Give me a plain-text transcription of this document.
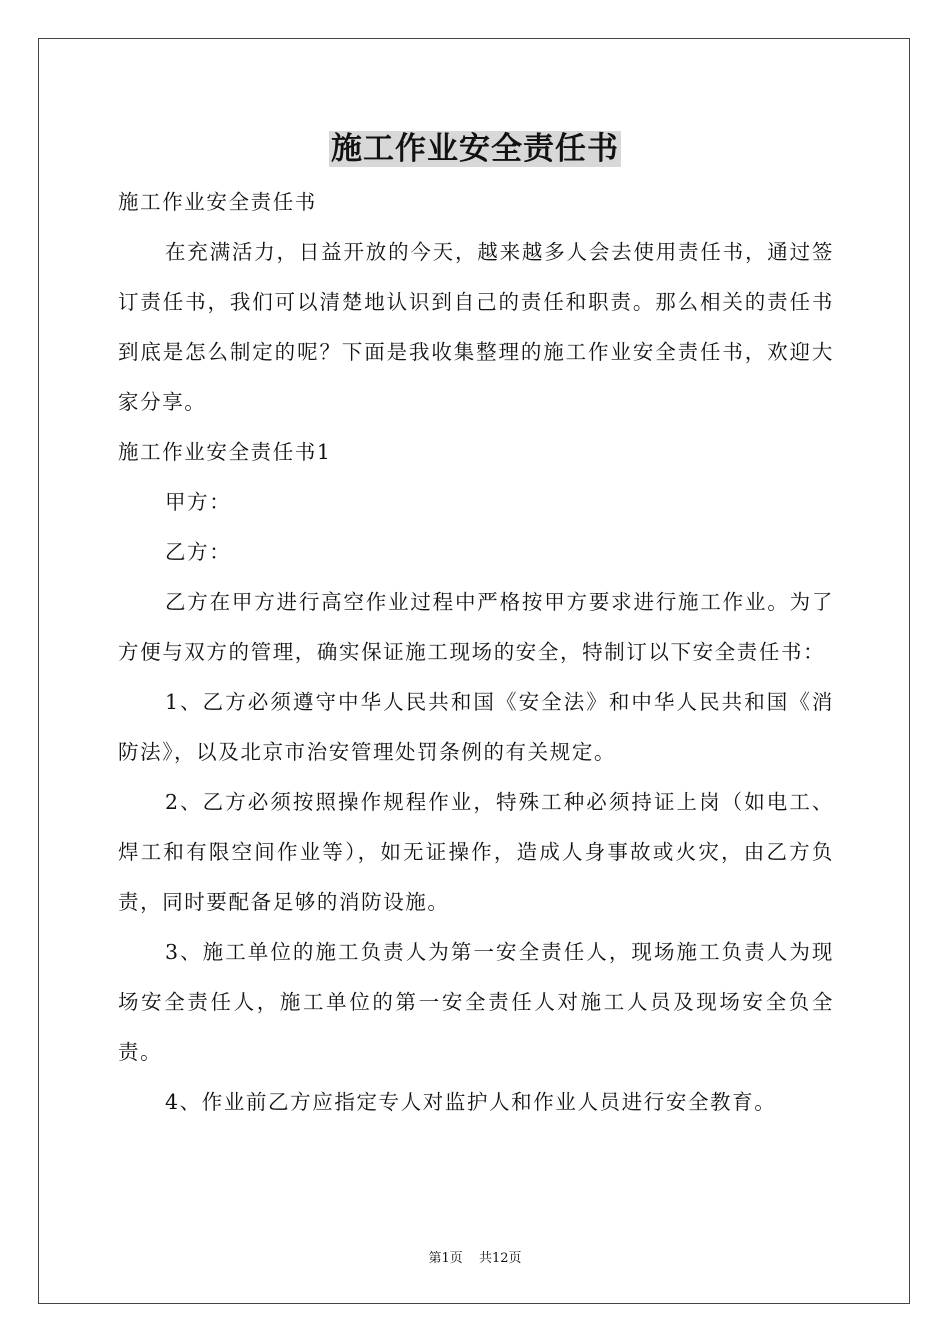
施工作业安全责任书

施工作业安全责任书

在充满活力，日益开放的今天，越来越多人会去使用责任书，通过签订责任书，我们可以清楚地认识到自己的责任和职责。那么相关的责任书到底是怎么制定的呢？下面是我收集整理的施工作业安全责任书，欢迎大家分享。

施工作业安全责任书1

甲方：

乙方：

乙方在甲方进行高空作业过程中严格按甲方要求进行施工作业。为了方便与双方的管理，确实保证施工现场的安全，特制订以下安全责任书：

1、乙方必须遵守中华人民共和国《安全法》和中华人民共和国《消防法》，以及北京市治安管理处罚条例的有关规定。

2、乙方必须按照操作规程作业，特殊工种必须持证上岗（如电工、焊工和有限空间作业等），如无证操作，造成人身事故或火灾，由乙方负责，同时要配备足够的消防设施。

3、施工单位的施工负责人为第一安全责任人，现场施工负责人为现场安全责任人，施工单位的第一安全责任人对施工人员及现场安全负全责。

4、作业前乙方应指定专人对监护人和作业人员进行安全教育。

第1页 共12页
